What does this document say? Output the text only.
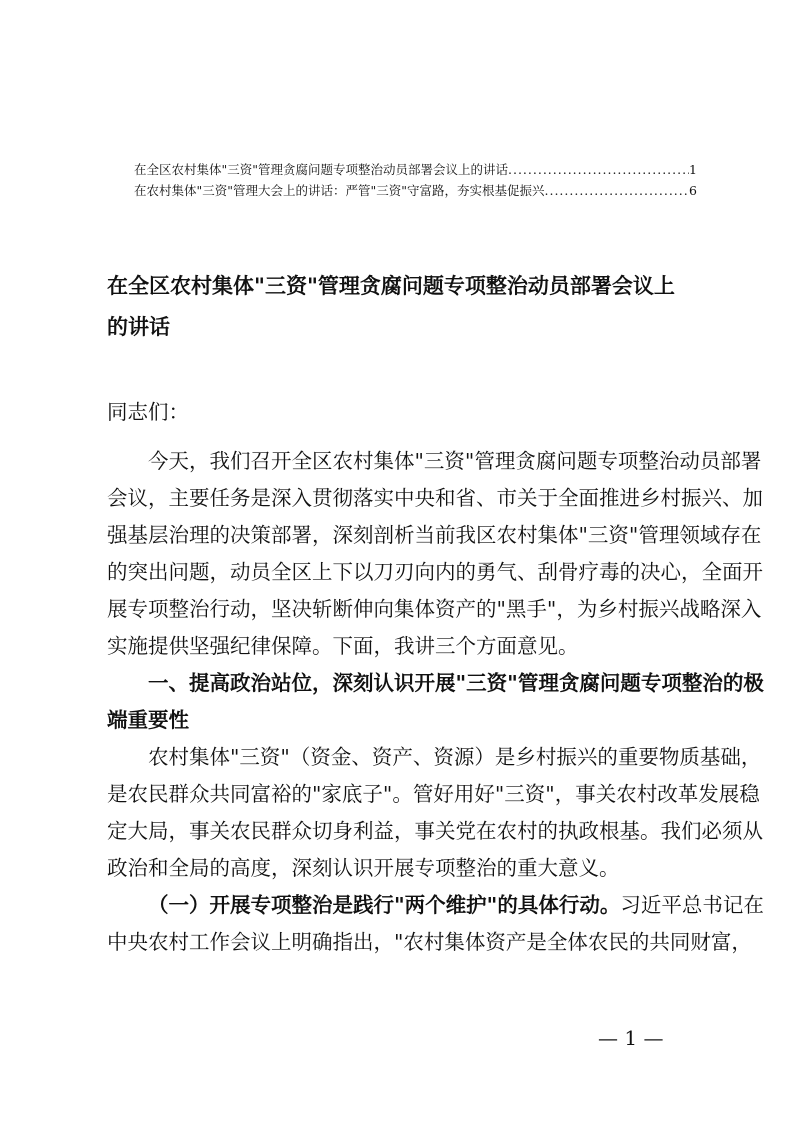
在全区农村集体"三资"管理贪腐问题专项整治动员部署会议上的讲话 .....	1
在农村集体"三资"管理大会上的讲话：严管"三资"守富路，夯实根基促振兴 .....	6
在全区农村集体"三资"管理贪腐问题专项整治动员部署会议上
的讲话
同志们：
今天，我们召开全区农村集体"三资"管理贪腐问题专项整治动员部署
会议，主要任务是深入贯彻落实中央和省、市关于全面推进乡村振兴、加
强基层治理的决策部署，深刻剖析当前我区农村集体"三资"管理领域存在
的突出问题，动员全区上下以刀刃向内的勇气、刮骨疗毒的决心，全面开
展专项整治行动，坚决斩断伸向集体资产的"黑手"，为乡村振兴战略深入
实施提供坚强纪律保障。下面，我讲三个方面意见。
一、提高政治站位，深刻认识开展"三资"管理贪腐问题专项整治的极
端重要性
农村集体"三资"（资金、资产、资源）是乡村振兴的重要物质基础，
是农民群众共同富裕的"家底子"。管好用好"三资"，事关农村改革发展稳
定大局，事关农民群众切身利益，事关党在农村的执政根基。我们必须从
政治和全局的高度，深刻认识开展专项整治的重大意义。
（一）开展专项整治是践行"两个维护"的具体行动。习近平总书记在
中央农村工作会议上明确指出，"农村集体资产是全体农民的共同财富，
— 1 —
